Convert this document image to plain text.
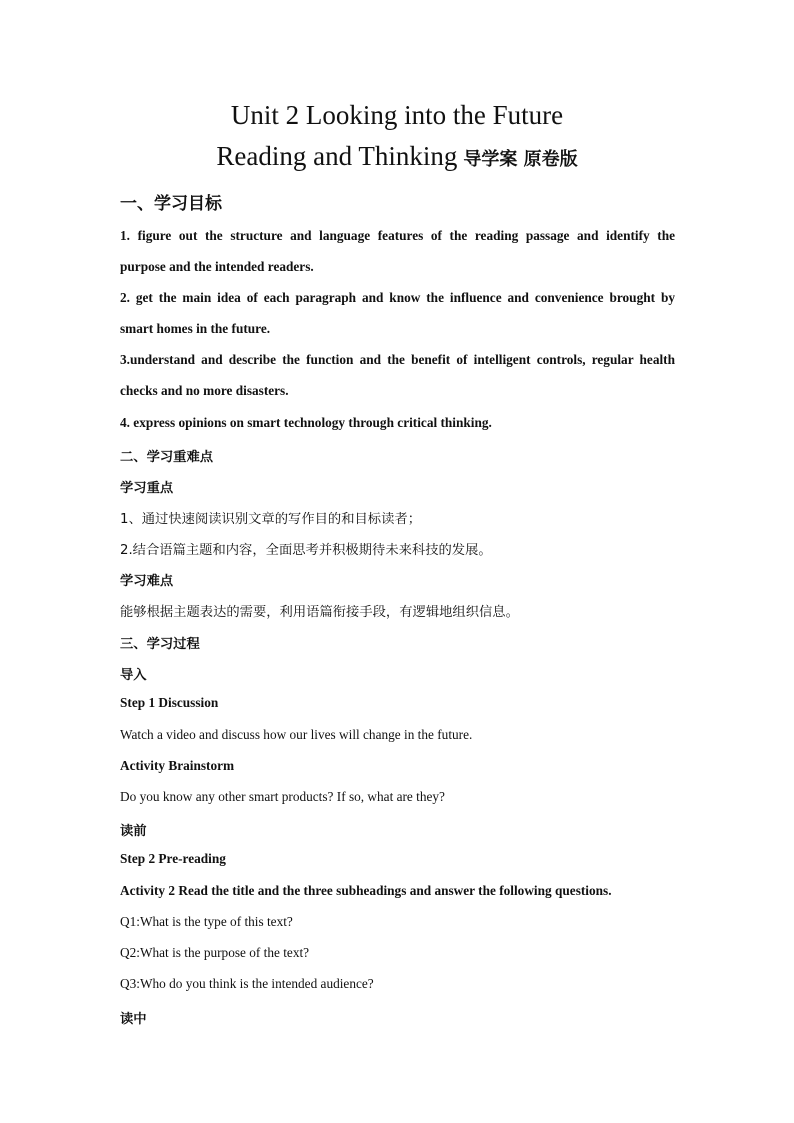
Unit 2 Looking into the Future
Reading and Thinking 导学案 原卷版
一、学习目标
1. figure out the structure and language features of the reading passage and identify the
purpose and the intended readers.
2. get the main idea of each paragraph and know the influence and convenience brought by
smart homes in the future.
3.understand and describe the function and the benefit of intelligent controls, regular health
checks and no more disasters.
4. express opinions on smart technology through critical thinking.
二、学习重难点
学习重点
1、通过快速阅读识别文章的写作目的和目标读者；
2.结合语篇主题和内容，全面思考并积极期待未来科技的发展。
学习难点
能够根据主题表达的需要，利用语篇衔接手段，有逻辑地组织信息。
三、学习过程
导入
Step 1 Discussion
Watch a video and discuss how our lives will change in the future.
Activity Brainstorm
Do you know any other smart products? If so, what are they?
读前
Step 2 Pre-reading
Activity 2 Read the title and the three subheadings and answer the following questions.
Q1:What is the type of this text?
Q2:What is the purpose of the text?
Q3:Who do you think is the intended audience?
读中
